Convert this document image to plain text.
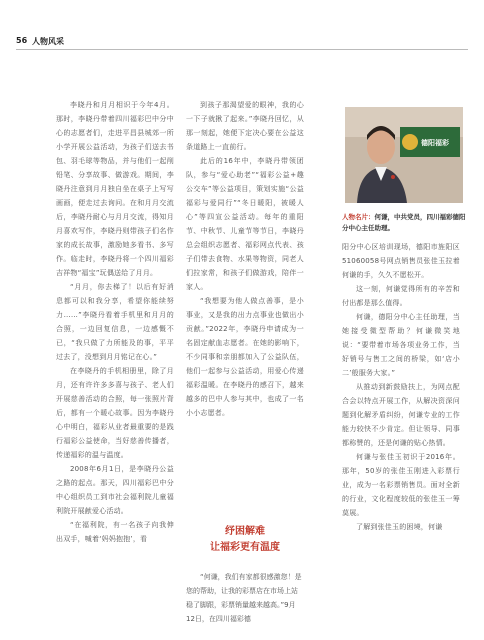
56 人物风采

李晓丹和月月相识于今年4月。那时，李晓丹带着四川福彩巴中分中心的志愿者们，走进平昌县城郊一所小学开展公益活动，为孩子们送去书包、羽毛球等物品，并与他们一起削铅笔、分享故事、做游戏。期间，李晓丹注意到月月独自坐在桌子上写写画画，便走过去询问。在和月月交流后，李晓丹耐心与月月交流，得知月月喜欢写作，李晓丹则带孩子们名作家的成长故事，激励她多看书、多写作。临走时，李晓丹将一个四川福彩吉祥物“福宝”玩偶送给了月月。

“月月，你去梯了！以后有好消息都可以和我分享，希望你能续努力……”李晓丹看着手机里和月月的合照，一边回复信息，一边感慨不已，“我只做了力所能及的事，平平过去了，没想到月月铭记在心。”

在李晓丹的手机相册里，除了月月，还有许许多多喜与孩子、老人们开展慈善活动的合照，每一张照片背后，都有一个暖心故事。因为李晓丹心中明白，福彩从业者最重要的是践行福彩公益使命，当好慈善传播者，传递福彩的温与温度。

2008年6月1日，是李晓丹公益之路的起点。那天，四川福彩巴中分中心组织员工到市社会福利院儿童福利院开展献爱心活动。

“在福利院，有一名孩子向我伸出双手，喊着‘妈妈抱抱’，看

到孩子那渴望爱的眼神，我的心一下子就揪了起来。”李晓丹回忆，从那一刻起，她便下定决心要在公益这条道路上一直前行。

此后的16年中，李晓丹带领团队，参与“爱心助老”“福彩公益+趣公交车”等公益项目，策划实施“公益福彩与爱同行”“冬日暖阳，被暖人心”等四宣公益活动。每年的重阳节、中秋节、儿童节等节日，李晓丹总会组织志愿者、福彩网点代表、孩子们带去食物、水果等物资，同老人们拉家常，和孩子们做游戏，陪伴一家人。

“我想要为他人做点善事，是小事业，又是我的出力点事业也做出小贡献。”2022年，李晓丹申请成为一名固定献血志愿者。在她的影响下，不少同事和亲朋都加入了公益队伍，他们一起参与公益活动，用爱心传递福彩温暖。在李晓丹的感召下，越来越多的巴中人参与其中，也成了一名小小志愿者。

德阳福彩
人物名片：何谦，中共党员，四川福彩德阳分中心主任助理。
纾困解难
让福彩更有温度

“何谦，我们有家都很感激您！是您的帮助，让我的彩票店在市场上站稳了脚跟，彩票销量越来越高。”9月12日，在四川福彩德

阳分中心区培训现场，德阳市旌阳区51060058号网点销售员张佳玉拉着何谦的手，久久不愿松开。

这一刻，何谦觉得所有的辛苦和付出都是那么值得。

何谦，德阳分中心主任助理，当她接受微型帮助？何谦微笑地说：“要带着市场各项业务工作，当好销号与售工之间的桥梁，如‘店小二’般服务大家。”

从推动到新鼓励扶上，为网点配合会以特点开展工作，从解决资深问题到化解矛盾纠纷，何谦专业的工作能力较快不少肯定。但让领导、同事都称赞的，还是何谦的贴心热情。

何谦与张佳玉初识于2016年。那年，50岁的张佳玉刚进入彩票行业，成为一名彩票销售员。面对全新的行业，文化程度较低的张佳玉一筹莫展。

了解到张佳玉的困境，何谦
